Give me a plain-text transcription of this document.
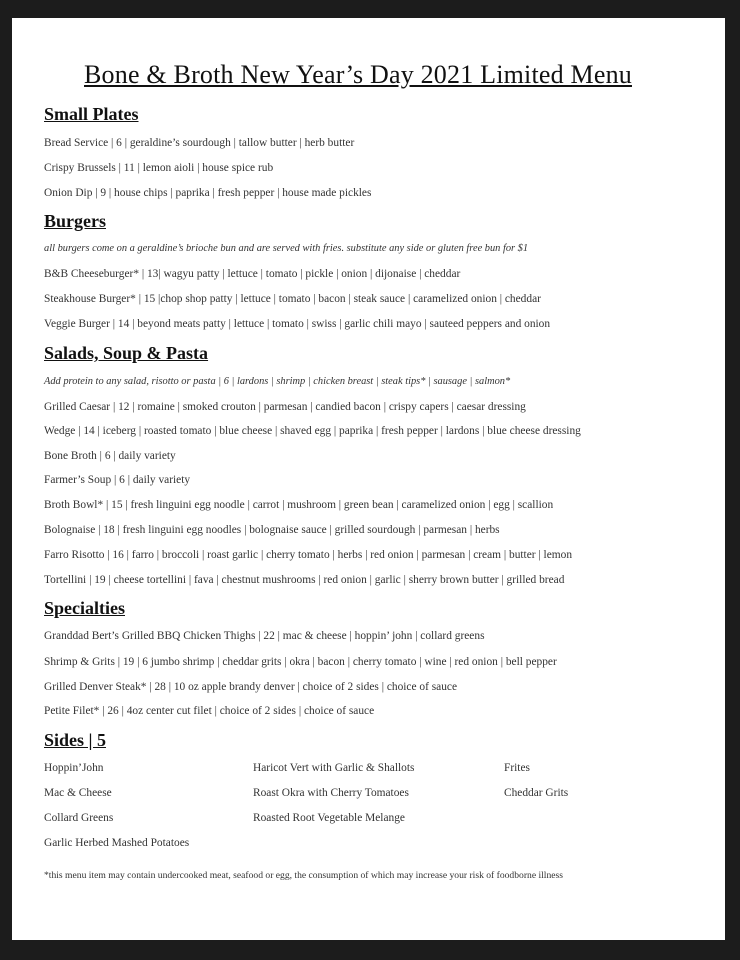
Bone & Broth New Year’s Day 2021 Limited Menu
Small Plates
Bread Service | 6 | geraldine’s sourdough | tallow butter | herb butter
Crispy Brussels | 11 | lemon aioli | house spice rub
Onion Dip | 9 | house chips | paprika | fresh pepper | house made pickles
Burgers
all burgers come on a geraldine’s brioche bun and are served with fries. substitute any side or gluten free bun for $1
B&B Cheeseburger* | 13| wagyu patty | lettuce | tomato | pickle | onion | dijonaise | cheddar
Steakhouse Burger* | 15 |chop shop patty | lettuce | tomato | bacon | steak sauce | caramelized onion | cheddar
Veggie Burger | 14 | beyond meats patty | lettuce | tomato | swiss | garlic chili mayo | sauteed peppers and onion
Salads, Soup & Pasta
Add protein to any salad, risotto or pasta | 6 | lardons | shrimp | chicken breast | steak tips* | sausage | salmon*
Grilled Caesar | 12 | romaine | smoked crouton | parmesan | candied bacon | crispy capers | caesar dressing
Wedge | 14 | iceberg | roasted tomato | blue cheese | shaved egg | paprika | fresh pepper | lardons | blue cheese dressing
Bone Broth | 6 | daily variety
Farmer’s Soup | 6 | daily variety
Broth Bowl* | 15 | fresh linguini egg noodle | carrot | mushroom | green bean | caramelized onion | egg | scallion
Bolognaise | 18 | fresh linguini egg noodles | bolognaise sauce | grilled sourdough | parmesan | herbs
Farro Risotto | 16 | farro | broccoli | roast garlic | cherry tomato | herbs | red onion | parmesan | cream | butter | lemon
Tortellini | 19 | cheese tortellini | fava | chestnut mushrooms | red onion | garlic | sherry brown butter | grilled bread
Specialties
Granddad Bert’s Grilled BBQ Chicken Thighs | 22 | mac & cheese | hoppin’ john | collard greens
Shrimp & Grits | 19 | 6 jumbo shrimp | cheddar grits | okra | bacon | cherry tomato | wine | red onion | bell pepper
Grilled Denver Steak* | 28 | 10 oz apple brandy denver | choice of 2 sides | choice of sauce
Petite Filet* | 26 | 4oz center cut filet | choice of 2 sides | choice of sauce
Sides | 5
Hoppin’John
Mac & Cheese
Collard Greens
Garlic Herbed Mashed Potatoes
Haricot Vert with Garlic & Shallots
Roast Okra with Cherry Tomatoes
Roasted Root Vegetable Melange
Frites
Cheddar Grits
*this menu item may contain undercooked meat, seafood or egg, the consumption of which may increase your risk of foodborne illness
